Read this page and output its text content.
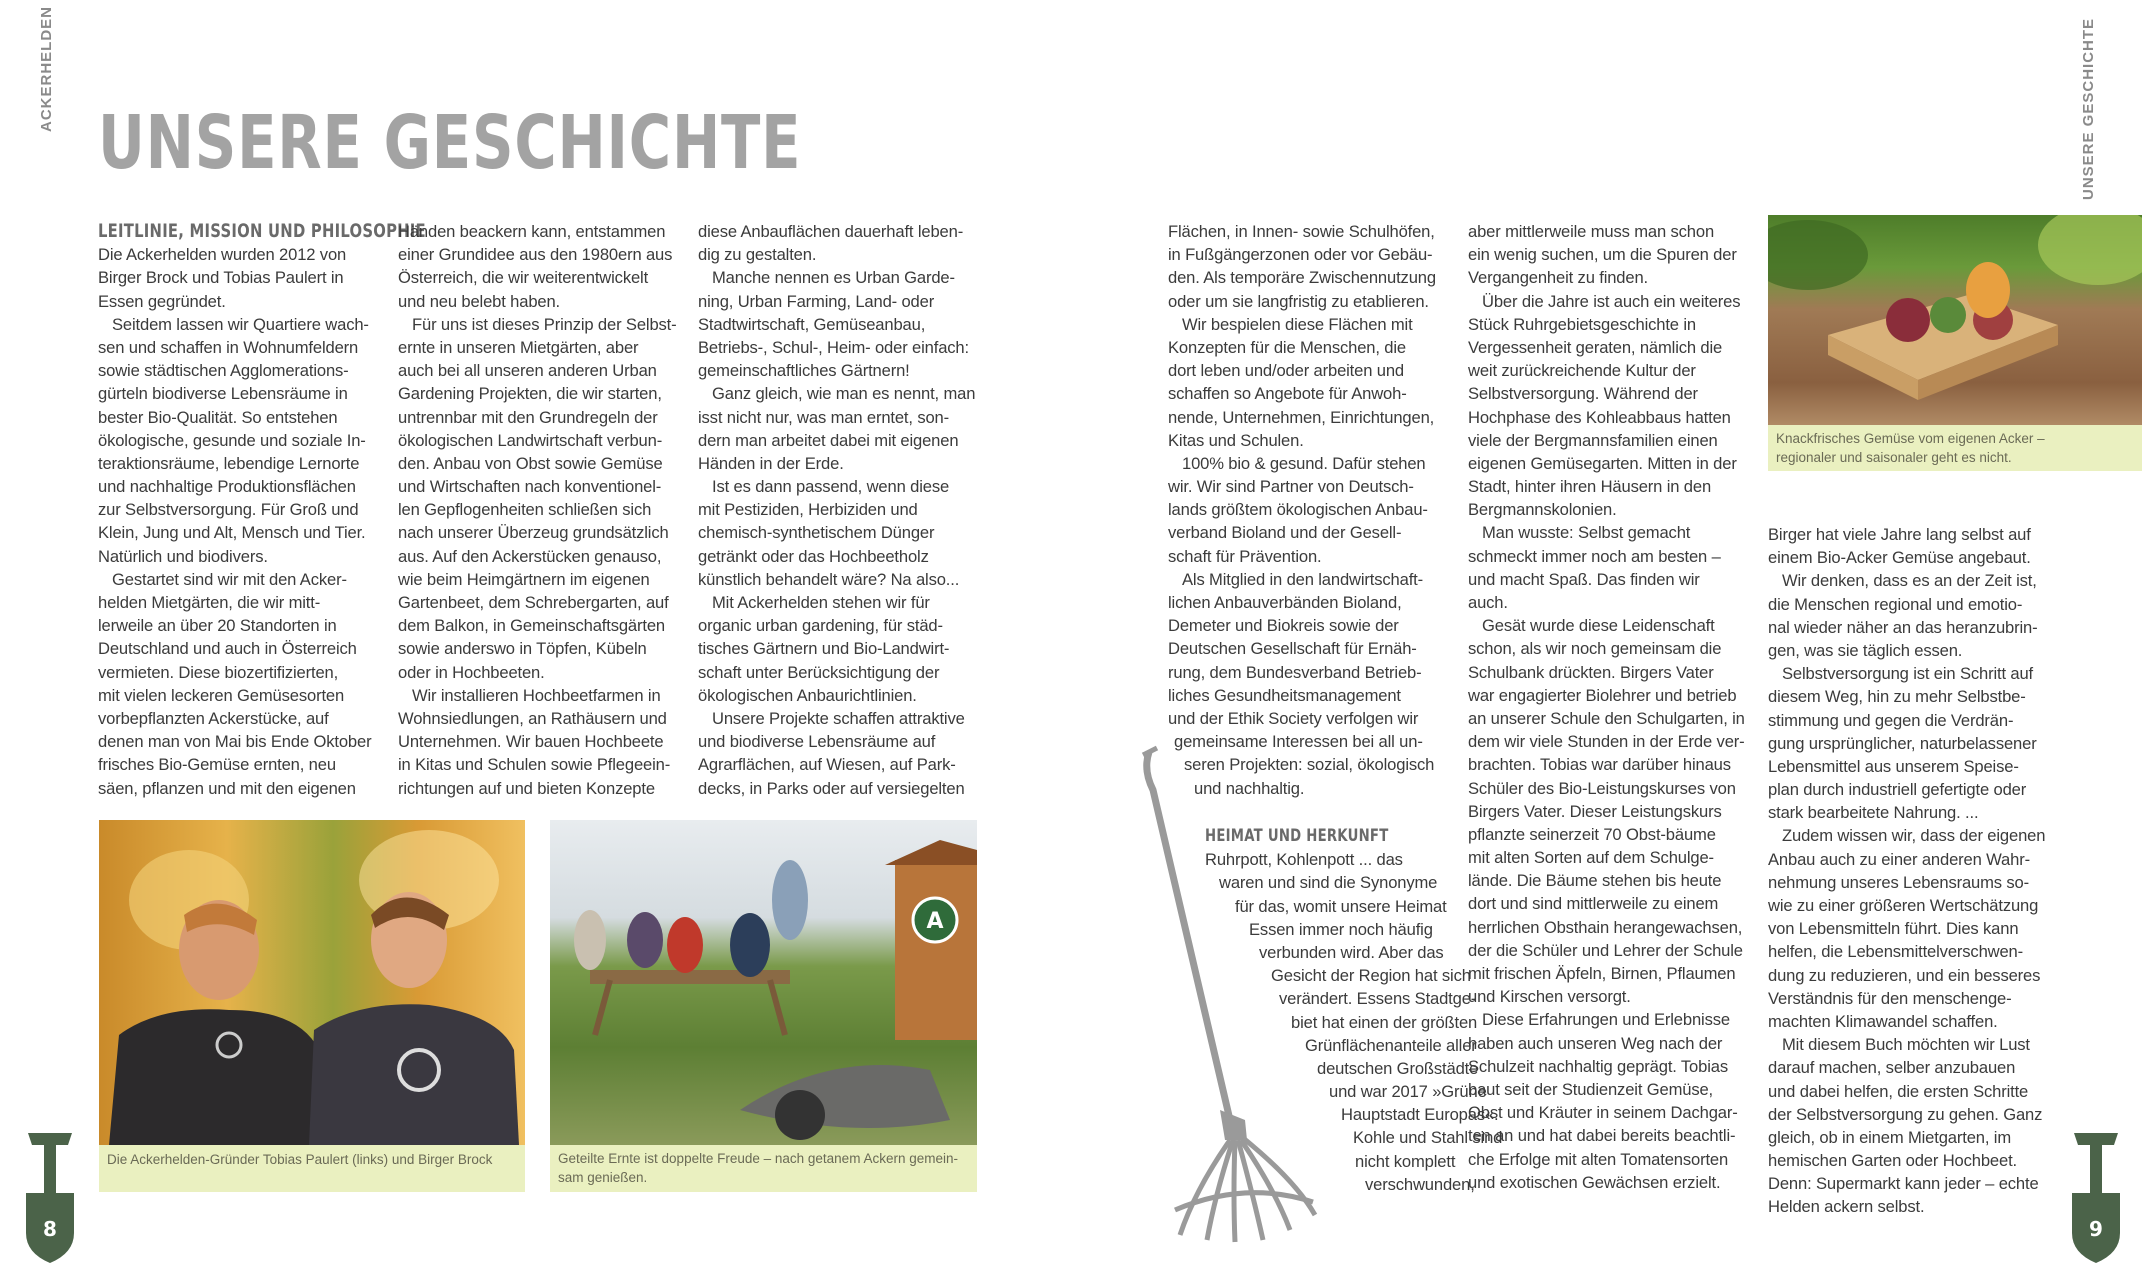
ACKERHELDEN	UNSERE GESCHICHTE
UNSERE GESCHICHTE
LEITLINIE, MISSION UND PHILOSOPHIE
Die Ackerhelden wurden 2012 von
Birger Brock und Tobias Paulert in
Essen gegründet.
Seitdem lassen wir Quartiere wach-
sen und schaffen in Wohnumfeldern
sowie städtischen Agglomerations-
gürteln biodiverse Lebensräume in
bester Bio-Qualität. So entstehen
ökologische, gesunde und soziale In-
teraktionsräume, lebendige Lernorte
und nachhaltige Produktionsflächen
zur Selbstversorgung. Für Groß und
Klein, Jung und Alt, Mensch und Tier.
Natürlich und biodivers.
Gestartet sind wir mit den Acker-
helden Mietgärten, die wir mitt-
lerweile an über 20 Standorten in
Deutschland und auch in Österreich
vermieten. Diese biozertifizierten,
mit vielen leckeren Gemüsesorten
vorbepflanzten Ackerstücke, auf
denen man von Mai bis Ende Oktober
frisches Bio-Gemüse ernten, neu
säen, pflanzen und mit den eigenen
Händen beackern kann, entstammen
einer Grundidee aus den 1980ern aus
Österreich, die wir weiterentwickelt
und neu belebt haben.
Für uns ist dieses Prinzip der Selbst-
ernte in unseren Mietgärten, aber
auch bei all unseren anderen Urban
Gardening Projekten, die wir starten,
untrennbar mit den Grundregeln der
ökologischen Landwirtschaft verbun-
den. Anbau von Obst sowie Gemüse
und Wirtschaften nach konventionel-
len Gepflogenheiten schließen sich
nach unserer Überzeug grundsätzlich
aus. Auf den Ackerstücken genauso,
wie beim Heimgärtnern im eigenen
Gartenbeet, dem Schrebergarten, auf
dem Balkon, in Gemeinschaftsgärten
sowie anderswo in Töpfen, Kübeln
oder in Hochbeeten.
Wir installieren Hochbeetfarmen in
Wohnsiedlungen, an Rathäusern und
Unternehmen. Wir bauen Hochbeete
in Kitas und Schulen sowie Pflegeein-
richtungen auf und bieten Konzepte
diese Anbauflächen dauerhaft leben-
dig zu gestalten.
Manche nennen es Urban Garde-
ning, Urban Farming, Land- oder
Stadtwirtschaft, Gemüseanbau,
Betriebs-, Schul-, Heim- oder einfach:
gemeinschaftliches Gärtnern!
Ganz gleich, wie man es nennt, man
isst nicht nur, was man erntet, son-
dern man arbeitet dabei mit eigenen
Händen in der Erde.
Ist es dann passend, wenn diese
mit Pestiziden, Herbiziden und
chemisch-synthetischem Dünger
getränkt oder das Hochbeetholz
künstlich behandelt wäre? Na also...
Mit Ackerhelden stehen wir für
organic urban gardening, für städ-
tisches Gärtnern und Bio-Landwirt-
schaft unter Berücksichtigung der
ökologischen Anbaurichtlinien.
Unsere Projekte schaffen attraktive
und biodiverse Lebensräume auf
Agrarflächen, auf Wiesen, auf Park-
decks, in Parks oder auf versiegelten
Die Ackerhelden-Gründer Tobias Paulert (links) und Birger Brock
A
Geteilte Ernte ist doppelte Freude – nach getanem Ackern gemein-
sam genießen.
Flächen, in Innen- sowie Schulhöfen,
in Fußgängerzonen oder vor Gebäu-
den. Als temporäre Zwischennutzung
oder um sie langfristig zu etablieren.
Wir bespielen diese Flächen mit
Konzepten für die Menschen, die
dort leben und/oder arbeiten und
schaffen so Angebote für Anwoh-
nende, Unternehmen, Einrichtungen,
Kitas und Schulen.
100% bio & gesund. Dafür stehen
wir. Wir sind Partner von Deutsch-
lands größtem ökologischen Anbau-
verband Bioland und der Gesell-
schaft für Prävention.
Als Mitglied in den landwirtschaft-
lichen Anbauverbänden Bioland,
Demeter und Biokreis sowie der
Deutschen Gesellschaft für Ernäh-
rung, dem Bundesverband Betrieb-
liches Gesundheitsmanagement
und der Ethik Society verfolgen wir
gemeinsame Interessen bei all un-
seren Projekten: sozial, ökologisch
und nachhaltig.
aber mittlerweile muss man schon
ein wenig suchen, um die Spuren der
Vergangenheit zu finden.
Über die Jahre ist auch ein weiteres
Stück Ruhrgebietsgeschichte in
Vergessenheit geraten, nämlich die
weit zurückreichende Kultur der
Selbstversorgung. Während der
Hochphase des Kohleabbaus hatten
viele der Bergmannsfamilien einen
eigenen Gemüsegarten. Mitten in der
Stadt, hinter ihren Häusern in den
Bergmannskolonien.
Man wusste: Selbst gemacht
schmeckt immer noch am besten –
und macht Spaß. Das finden wir
auch.
Gesät wurde diese Leidenschaft
schon, als wir noch gemeinsam die
Schulbank drückten. Birgers Vater
war engagierter Biolehrer und betrieb
an unserer Schule den Schulgarten, in
dem wir viele Stunden in der Erde ver-
brachten. Tobias war darüber hinaus
Schüler des Bio-Leistungskurses von
Birgers Vater. Dieser Leistungskurs
pflanzte seinerzeit 70 Obst-bäume
mit alten Sorten auf dem Schulge-
lände. Die Bäume stehen bis heute
dort und sind mittlerweile zu einem
herrlichen Obsthain herangewachsen,
der die Schüler und Lehrer der Schule
mit frischen Äpfeln, Birnen, Pflaumen
und Kirschen versorgt.
Diese Erfahrungen und Erlebnisse
haben auch unseren Weg nach der
Schulzeit nachhaltig geprägt. Tobias
baut seit der Studienzeit Gemüse,
Obst und Kräuter in seinem Dachgar-
ten an und hat dabei bereits beachtli-
che Erfolge mit alten Tomatensorten
und exotischen Gewächsen erzielt.
Birger hat viele Jahre lang selbst auf
einem Bio-Acker Gemüse angebaut.
Wir denken, dass es an der Zeit ist,
die Menschen regional und emotio-
nal wieder näher an das heranzubrin-
gen, was sie täglich essen.
Selbstversorgung ist ein Schritt auf
diesem Weg, hin zu mehr Selbstbe-
stimmung und gegen die Verdrän-
gung ursprünglicher, naturbelassener
Lebensmittel aus unserem Speise-
plan durch industriell gefertigte oder
stark bearbeitete Nahrung. ...
Zudem wissen wir, dass der eigenen
Anbau auch zu einer anderen Wahr-
nehmung unseres Lebensraums so-
wie zu einer größeren Wertschätzung
von Lebensmitteln führt. Dies kann
helfen, die Lebensmittelverschwen-
dung zu reduzieren, und ein besseres
Verständnis für den menschenge-
machten Klimawandel schaffen.
Mit diesem Buch möchten wir Lust
darauf machen, selber anzubauen
und dabei helfen, die ersten Schritte
der Selbstversorgung zu gehen. Ganz
gleich, ob in einem Mietgarten, im
hemischen Garten oder Hochbeet.
Denn: Supermarkt kann jeder – echte
Helden ackern selbst.
HEIMAT UND HERKUNFT
Ruhrpott, Kohlenpott ... das
waren und sind die Synonyme
für das, womit unsere Heimat
Essen immer noch häufig
verbunden wird. Aber das
Gesicht der Region hat sich
verändert. Essens Stadtge-
biet hat einen der größten
Grünflächenanteile aller
deutschen Großstädte
und war 2017 »Grüne
Hauptstadt Europas«.
Kohle und Stahl sind
nicht komplett
verschwunden,
Knackfrisches Gemüse vom eigenen Acker –
regionaler und saisonaler geht es nicht.
8	9
